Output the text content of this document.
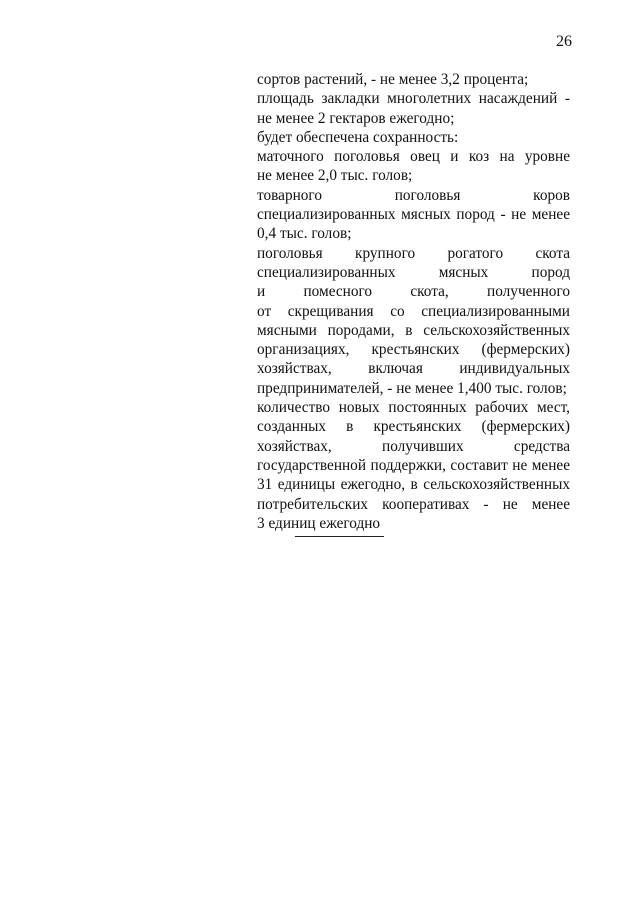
26
сортов растений, - не менее 3,2 процента;
площадь закладки многолетних насаждений -
не менее 2 гектаров ежегодно;
будет обеспечена сохранность:
маточного поголовья овец и коз на уровне
не менее 2,0 тыс. голов;
товарного поголовья коров
специализированных мясных пород - не менее
0,4 тыс. голов;
поголовья крупного рогатого скота
специализированных мясных пород
и помесного скота, полученного
от скрещивания со специализированными
мясными породами, в сельскохозяйственных
организациях, крестьянских (фермерских)
хозяйствах, включая индивидуальных
предпринимателей, - не менее 1,400 тыс. голов;
количество новых постоянных рабочих мест,
созданных в крестьянских (фермерских)
хозяйствах, получивших средства
государственной поддержки, составит не менее
31 единицы ежегодно, в сельскохозяйственных
потребительских кооперативах - не менее
3 единиц ежегодно
